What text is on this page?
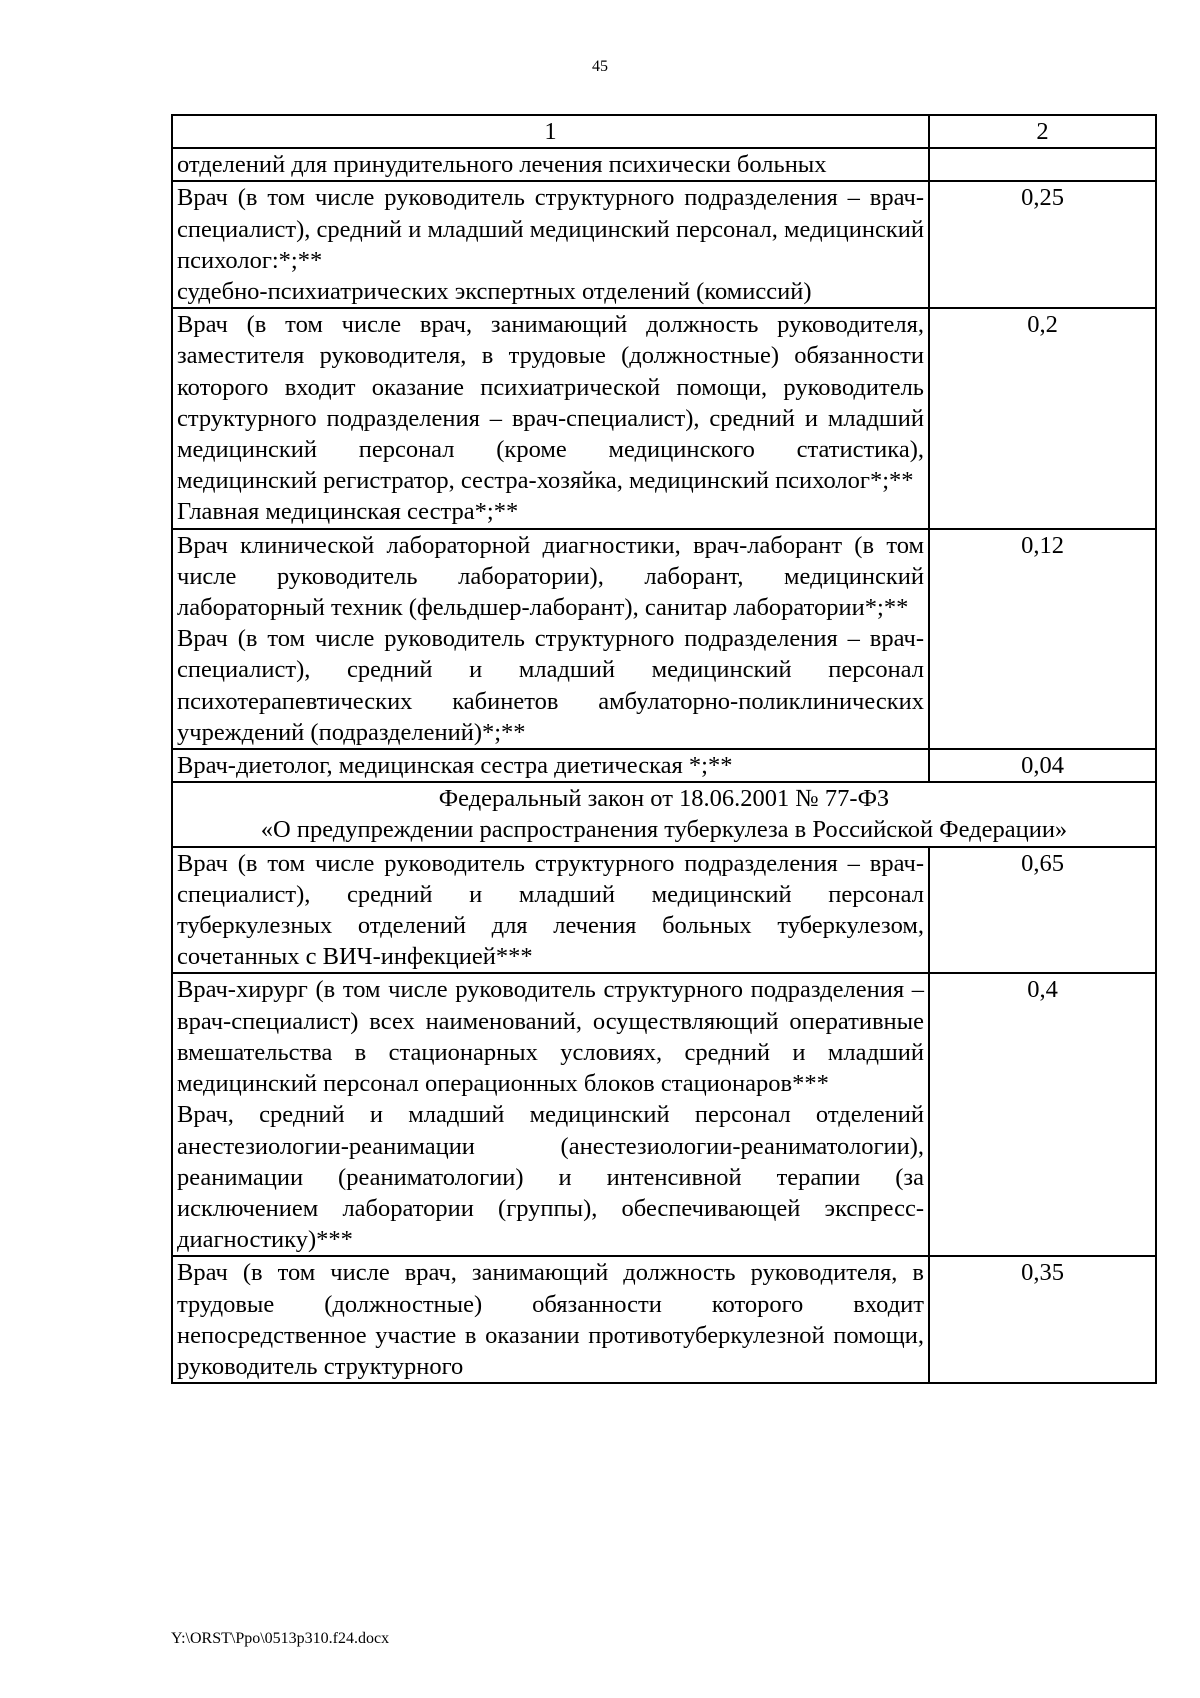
45
1	2

отделений для принудительного лечения психически больных	

Врач (в том числе руководитель структурного подразделения – врач-специалист), средний и младший медицинский персонал, медицинский психолог:*;**
судебно-психиатрических экспертных отделений (комиссий)	0,25

Врач (в том числе врач, занимающий должность руководителя, заместителя руководителя, в трудовые (должностные) обязанности которого входит оказание психиатрической помощи, руководитель структурного подразделения – врач-специалист), средний и младший медицинский персонал (кроме медицинского статистика), медицинский регистратор, сестра-хозяйка, медицинский психолог*;**
Главная медицинская сестра*;**	0,2

Врач клинической лабораторной диагностики, врач-лаборант (в том числе руководитель лаборатории), лаборант, медицинский лабораторный техник (фельдшер-лаборант), санитар лаборатории*;**
Врач (в том числе руководитель структурного подразделения – врач-специалист), средний и младший медицинский персонал психотерапевтических кабинетов амбулаторно-поликлинических учреждений (подразделений)*;**	0,12

Врач-диетолог, медицинская сестра диетическая *;**	0,04

Федеральный закон от 18.06.2001 № 77-ФЗ
«О предупреждении распространения туберкулеза в Российской Федерации»	

Врач (в том числе руководитель структурного подразделения – врач-специалист), средний и младший медицинский персонал туберкулезных отделений для лечения больных туберкулезом, сочетанных с ВИЧ-инфекцией***	0,65

Врач-хирург (в том числе руководитель структурного подразделения – врач-специалист) всех наименований, осуществляющий оперативные вмешательства в стационарных условиях, средний и младший медицинский персонал операционных блоков стационаров***
Врач, средний и младший медицинский персонал отделений анестезиологии-реанимации (анестезиологии-реаниматологии), реанимации (реаниматологии) и интенсивной терапии (за исключением лаборатории (группы), обеспечивающей экспресс-диагностику)***	0,4

Врач (в том числе врач, занимающий должность руководителя, в трудовые (должностные) обязанности которого входит непосредственное участие в оказании противотуберкулезной помощи, руководитель структурного	0,35
Y:\ORST\Ppo\0513p310.f24.docx
